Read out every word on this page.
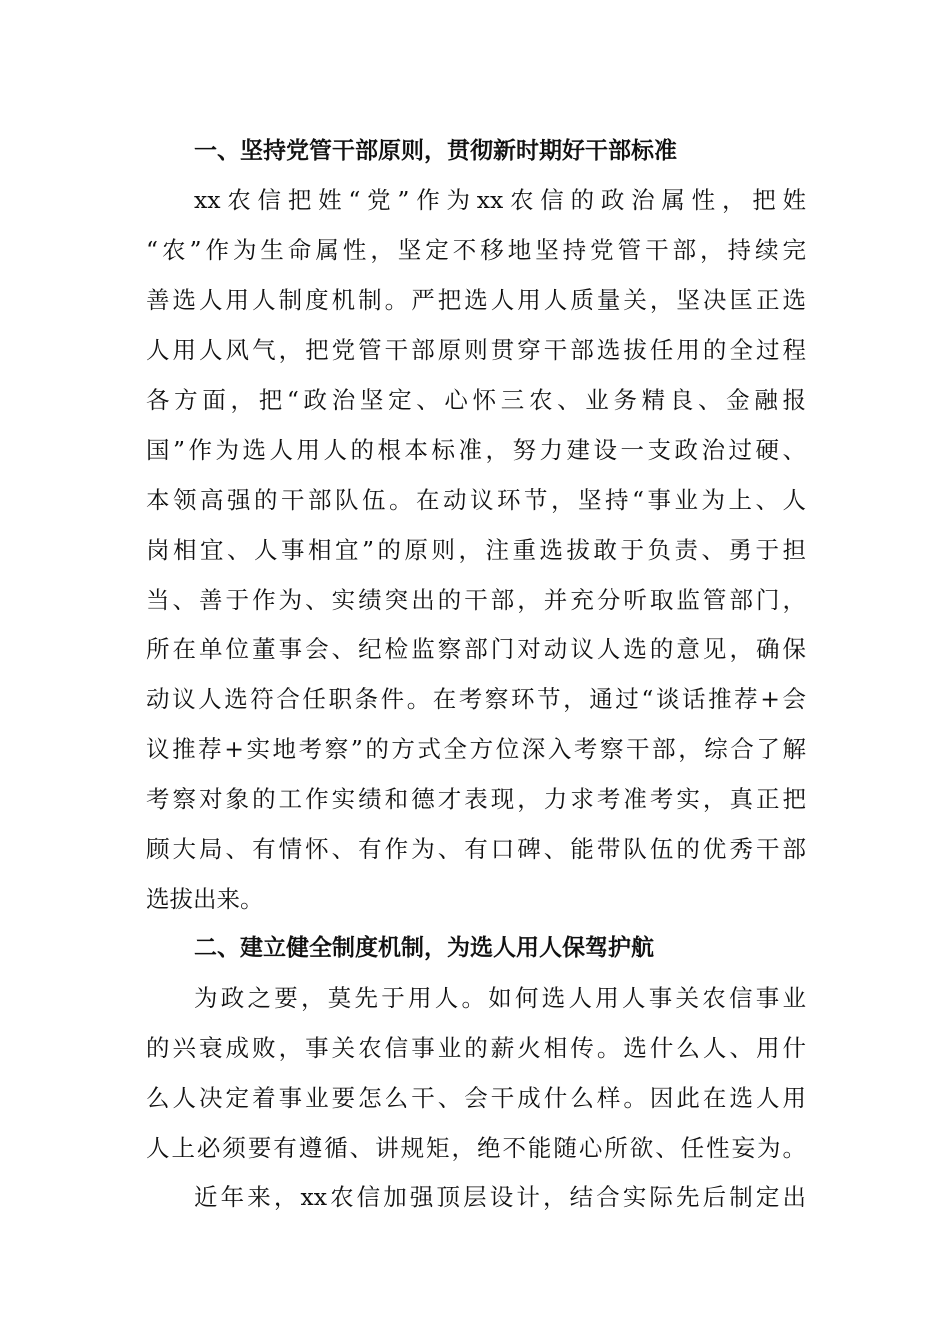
一、坚持党管干部原则，贯彻新时期好干部标准
xx农信把姓“党”作为xx农信的政治属性，把姓
“农”作为生命属性，坚定不移地坚持党管干部，持续完
善选人用人制度机制。严把选人用人质量关，坚决匡正选
人用人风气，把党管干部原则贯穿干部选拔任用的全过程
各方面，把“政治坚定、心怀三农、业务精良、金融报
国”作为选人用人的根本标准，努力建设一支政治过硬、
本领高强的干部队伍。在动议环节，坚持“事业为上、人
岗相宜、人事相宜”的原则，注重选拔敢于负责、勇于担
当、善于作为、实绩突出的干部，并充分听取监管部门，
所在单位董事会、纪检监察部门对动议人选的意见，确保
动议人选符合任职条件。在考察环节，通过“谈话推荐+会
议推荐+实地考察”的方式全方位深入考察干部，综合了解
考察对象的工作实绩和德才表现，力求考准考实，真正把
顾大局、有情怀、有作为、有口碑、能带队伍的优秀干部
选拔出来。
二、建立健全制度机制，为选人用人保驾护航
为政之要，莫先于用人。如何选人用人事关农信事业
的兴衰成败，事关农信事业的薪火相传。选什么人、用什
么人决定着事业要怎么干、会干成什么样。因此在选人用
人上必须要有遵循、讲规矩，绝不能随心所欲、任性妄为。
近年来，xx农信加强顶层设计，结合实际先后制定出
